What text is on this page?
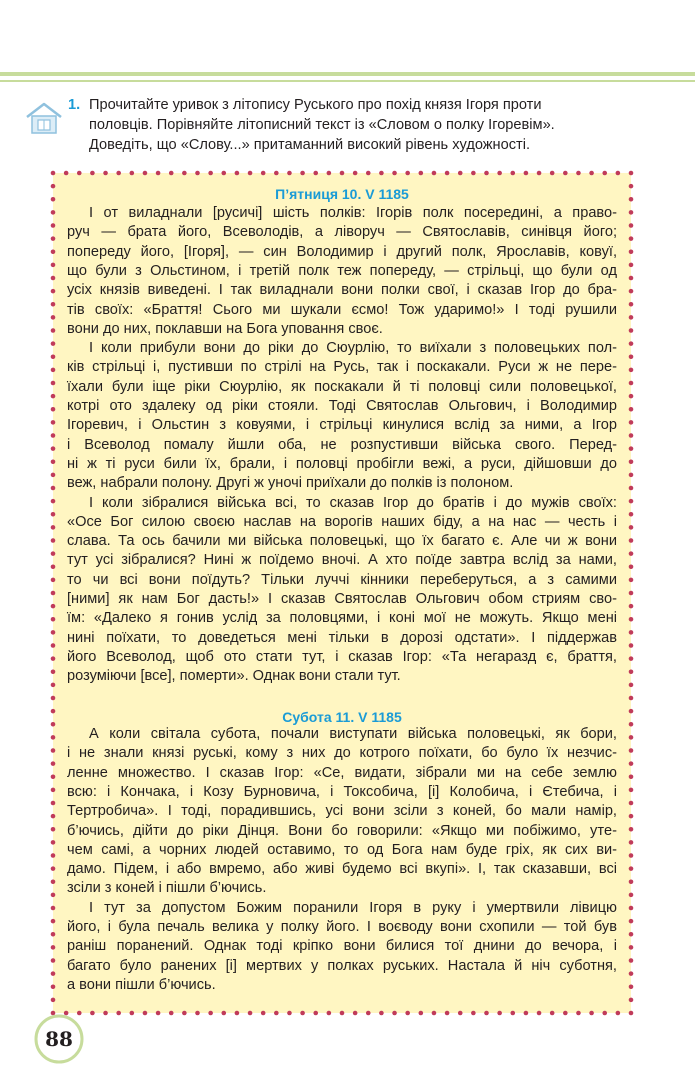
1. Прочитайте уривок з літопису Руського про похід князя Ігоря проти
половців. Порівняйте літописний текст із «Словом о полку Ігоревім».
Доведіть, що «Слову...» притаманний високий рівень художності.
П’ятниця 10. V 1185
І от виладнали [русичі] шість полків: Ігорів полк посередині, а право-
руч — брата його, Всеволодів, а ліворуч — Святославів, синівця його;
попереду його, [Ігоря], — син Володимир і другий полк, Ярославів, ковуї,
що були з Ольстином, і третій полк теж попереду, — стрільці, що були од
усіх князів виведені. І так виладнали вони полки свої, і сказав Ігор до бра-
тів своїх: «Браття! Сього ми шукали єсмо! Тож ударимо!» І тоді рушили
вони до них, поклавши на Бога уповання своє.
І коли прибули вони до ріки до Сюурлію, то виїхали з половецьких пол-
ків стрільці і, пустивши по стрілі на Русь, так і поскакали. Руси ж не пере-
їхали були іще ріки Сюурлію, як поскакали й ті половці сили половецької,
котрі ото здалеку од ріки стояли. Тоді Святослав Ольгович, і Володимир
Ігоревич, і Ольстин з ковуями, і стрільці кинулися вслід за ними, а Ігор
і Всеволод помалу йшли оба, не розпустивши війська свого. Перед-
ні ж ті руси били їх, брали, і половці пробігли вежі, а руси, дійшовши до
веж, набрали полону. Другі ж уночі приїхали до полків із полоном.
І коли зібралися війська всі, то сказав Ігор до братів і до мужів своїх:
«Осе Бог силою своєю наслав на ворогів наших біду, а на нас — честь і
слава. Та ось бачили ми війська половецькі, що їх багато є. Але чи ж вони
тут усі зібралися? Нині ж поїдемо вночі. А хто поїде завтра вслід за нами,
то чи всі вони поїдуть? Тільки луччі кінники переберуться, а з самими
[ними] як нам Бог дасть!» І сказав Святослав Ольгович обом стриям сво-
їм: «Далеко я гонив услід за половцями, і коні мої не можуть. Якщо мені
нині поїхати, то доведеться мені тільки в дорозі одстати». І піддержав
його Всеволод, щоб ото стати тут, і сказав Ігор: «Та негаразд є, браття,
розуміючи [все], померти». Однак вони стали тут.
Субота 11. V 1185
А коли світала субота, почали виступати війська половецькі, як бори,
і не знали князі руські, кому з них до котрого поїхати, бо було їх незчис-
ленне множество. І сказав Ігор: «Се, видати, зібрали ми на себе землю
всю: і Кончака, і Козу Бурновича, і Токсобича, [і] Колобича, і Єтебича, і
Тертробича». І тоді, порадившись, усі вони зсіли з коней, бо мали намір,
б’ючись, дійти до ріки Дінця. Вони бо говорили: «Якщо ми побіжимо, утe-
чем самі, а чорних людей оставимо, то од Бога нам буде гріх, як сих ви-
дамо. Підем, і або вмремо, або живі будемо всі вкупі». І, так сказавши, всі
зсіли з коней і пішли б’ючись.
І тут за допустом Божим поранили Ігоря в руку і умертвили лівицю
його, і була печаль велика у полку його. І воєводу вони схопили — той був
раніш поранений. Однак тоді кріпко вони билися тої днини до вечора, і
багато було ранених [і] мертвих у полках руських. Настала й ніч суботня,
а вони пішли б’ючись.
88
